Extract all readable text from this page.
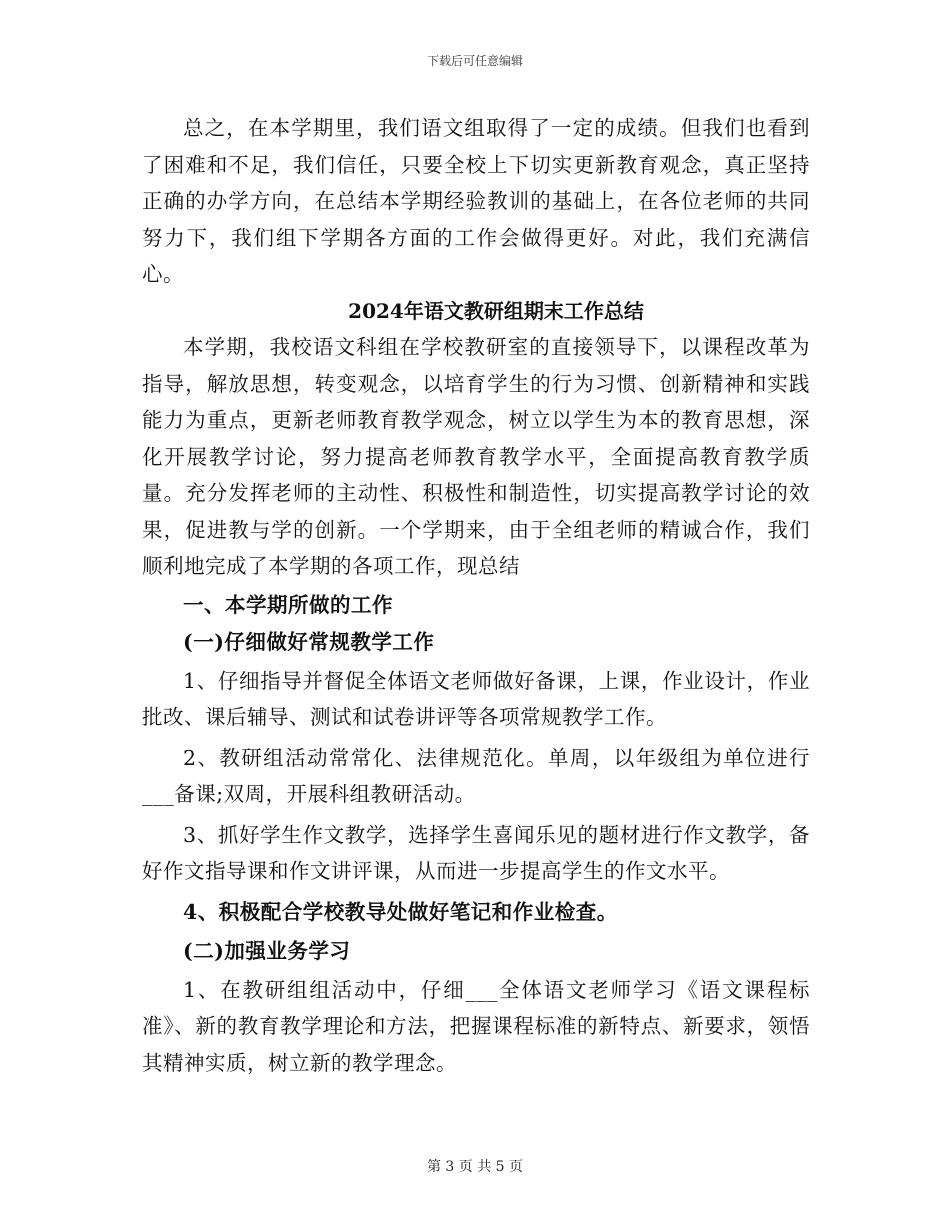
下载后可任意编辑

总之，在本学期里，我们语文组取得了一定的成绩。但我们也看到了困难和不足，我们信任，只要全校上下切实更新教育观念，真正坚持正确的办学方向，在总结本学期经验教训的基础上，在各位老师的共同努力下，我们组下学期各方面的工作会做得更好。对此，我们充满信心。

2024年语文教研组期末工作总结

本学期，我校语文科组在学校教研室的直接领导下，以课程改革为指导，解放思想，转变观念，以培育学生的行为习惯、创新精神和实践能力为重点，更新老师教育教学观念，树立以学生为本的教育思想，深化开展教学讨论，努力提高老师教育教学水平，全面提高教育教学质量。充分发挥老师的主动性、积极性和制造性，切实提高教学讨论的效果，促进教与学的创新。一个学期来，由于全组老师的精诚合作，我们顺利地完成了本学期的各项工作，现总结

一、本学期所做的工作

(一)仔细做好常规教学工作

1、仔细指导并督促全体语文老师做好备课，上课，作业设计，作业批改、课后辅导、测试和试卷讲评等各项常规教学工作。

2、教研组活动常常化、法律规范化。单周，以年级组为单位进行___备课;双周，开展科组教研活动。

3、抓好学生作文教学，选择学生喜闻乐见的题材进行作文教学，备好作文指导课和作文讲评课，从而进一步提高学生的作文水平。

4、积极配合学校教导处做好笔记和作业检查。

(二)加强业务学习

1、在教研组组活动中，仔细___全体语文老师学习《语文课程标准》、新的教育教学理论和方法，把握课程标准的新特点、新要求，领悟其精神实质，树立新的教学理念。

第 3 页 共 5 页
